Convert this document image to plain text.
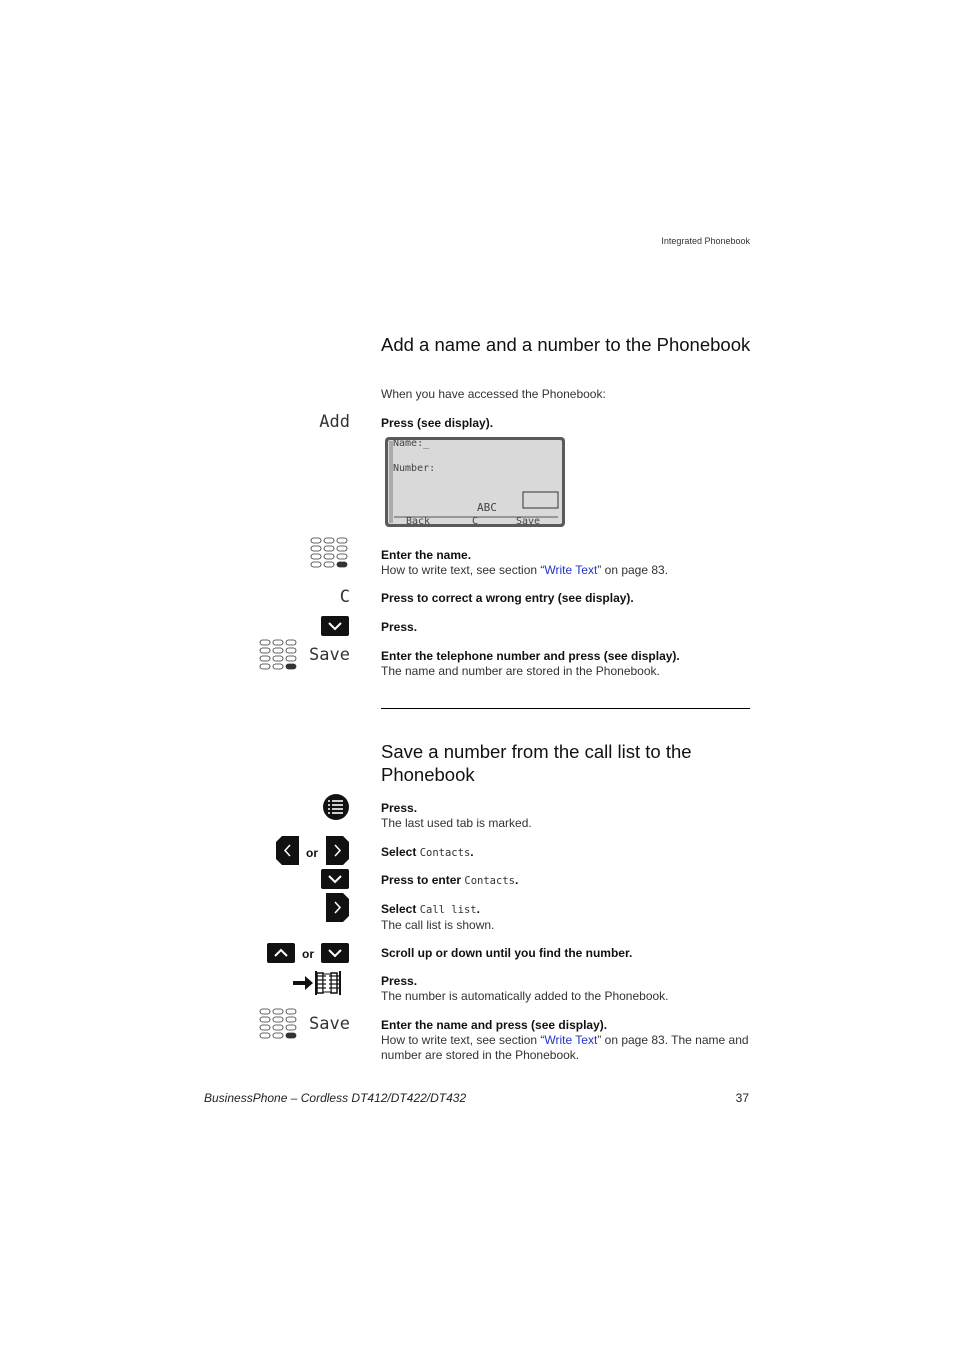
Integrated Phonebook
Add a name and a number to the Phonebook
When you have accessed the Phonebook:
Add	Press (see display).
Name:_
Number:
ABC
Back	C	Save
Enter the name.
How to write text, see section “Write Text” on page 83.
C	Press to correct a wrong entry (see display).
Press.
Save	Enter the telephone number and press (see display).
The name and number are stored in the Phonebook.
Save a number from the call list to the Phonebook
Press.
The last used tab is marked.
or	Select Contacts.
Press to enter Contacts.
Select Call list.
The call list is shown.
or	Scroll up or down until you find the number.
Press.
The number is automatically added to the Phonebook.
Save	Enter the name and press (see display).
How to write text, see section “Write Text” on page 83. The name and number are stored in the Phonebook.
BusinessPhone – Cordless DT412/DT422/DT432	37
